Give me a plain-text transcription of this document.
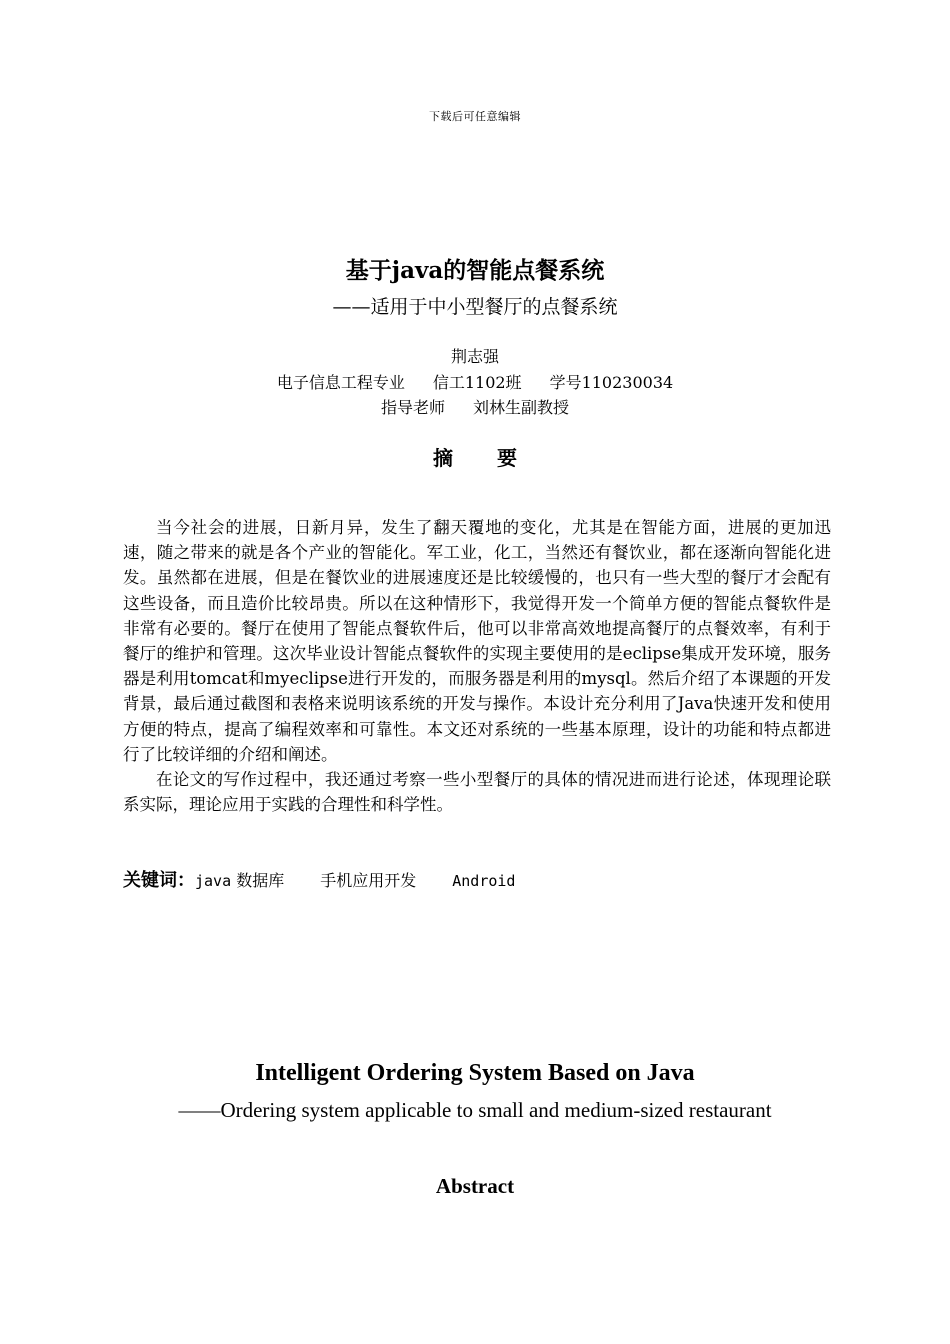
下载后可任意编辑
基于java的智能点餐系统
——适用于中小型餐厅的点餐系统
荆志强
电子信息工程专业 信工1102班 学号110230034
指导老师 刘林生副教授
摘 要

当今社会的进展，日新月异，发生了翻天覆地的变化，尤其是在智能方面，进展的更加迅速，随之带来的就是各个产业的智能化。军工业，化工，当然还有餐饮业，都在逐渐向智能化进发。虽然都在进展，但是在餐饮业的进展速度还是比较缓慢的，也只有一些大型的餐厅才会配有这些设备，而且造价比较昂贵。所以在这种情形下，我觉得开发一个简单方便的智能点餐软件是非常有必要的。餐厅在使用了智能点餐软件后，他可以非常高效地提高餐厅的点餐效率，有利于餐厅的维护和管理。这次毕业设计智能点餐软件的实现主要使用的是eclipse集成开发环境，服务器是利用tomcat和myeclipse进行开发的，而服务器是利用的mysql。然后介绍了本课题的开发背景，最后通过截图和表格来说明该系统的开发与操作。本设计充分利用了Java快速开发和使用方便的特点，提高了编程效率和可靠性。本文还对系统的一些基本原理，设计的功能和特点都进行了比较详细的介绍和阐述。

在论文的写作过程中，我还通过考察一些小型餐厅的具体的情况进而进行论述，体现理论联系实际，理论应用于实践的合理性和科学性。

关键词：java 数据库 手机应用开发 Android
Intelligent Ordering System Based on Java
——Ordering system applicable to small and medium-sized restaurant
Abstract
